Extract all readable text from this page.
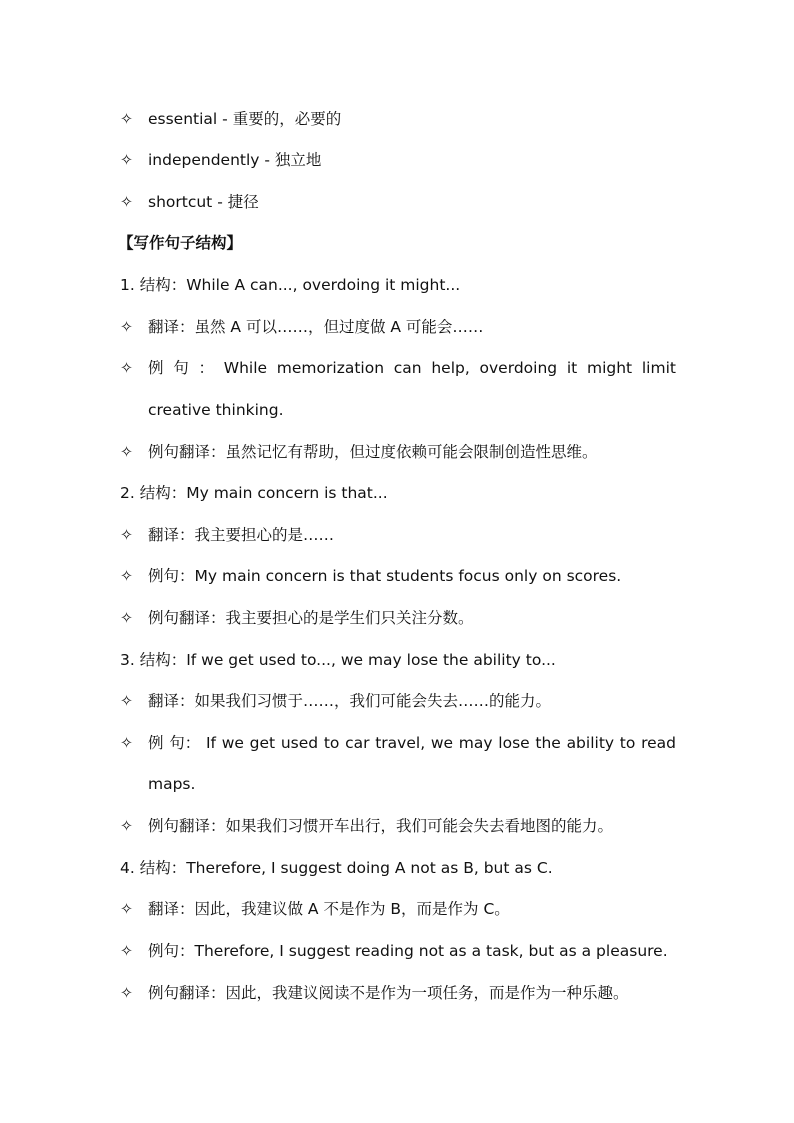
✧ essential - 重要的，必要的
✧ independently - 独立地
✧ shortcut - 捷径
【写作句子结构】
1. 结构：While A can..., overdoing it might...
✧ 翻译：虽然 A 可以……，但过度做 A 可能会……
✧ 例 句 ： While memorization can help, overdoing it might limit
creative thinking.
✧ 例句翻译：虽然记忆有帮助，但过度依赖可能会限制创造性思维。
2. 结构：My main concern is that...
✧ 翻译：我主要担心的是……
✧ 例句：My main concern is that students focus only on scores.
✧ 例句翻译：我主要担心的是学生们只关注分数。
3. 结构：If we get used to..., we may lose the ability to...
✧ 翻译：如果我们习惯于……，我们可能会失去……的能力。
✧ 例 句： If we get used to car travel, we may lose the ability to read
maps.
✧ 例句翻译：如果我们习惯开车出行，我们可能会失去看地图的能力。
4. 结构：Therefore, I suggest doing A not as B, but as C.
✧ 翻译：因此，我建议做 A 不是作为 B，而是作为 C。
✧ 例句：Therefore, I suggest reading not as a task, but as a pleasure.
✧ 例句翻译：因此，我建议阅读不是作为一项任务，而是作为一种乐趣。
